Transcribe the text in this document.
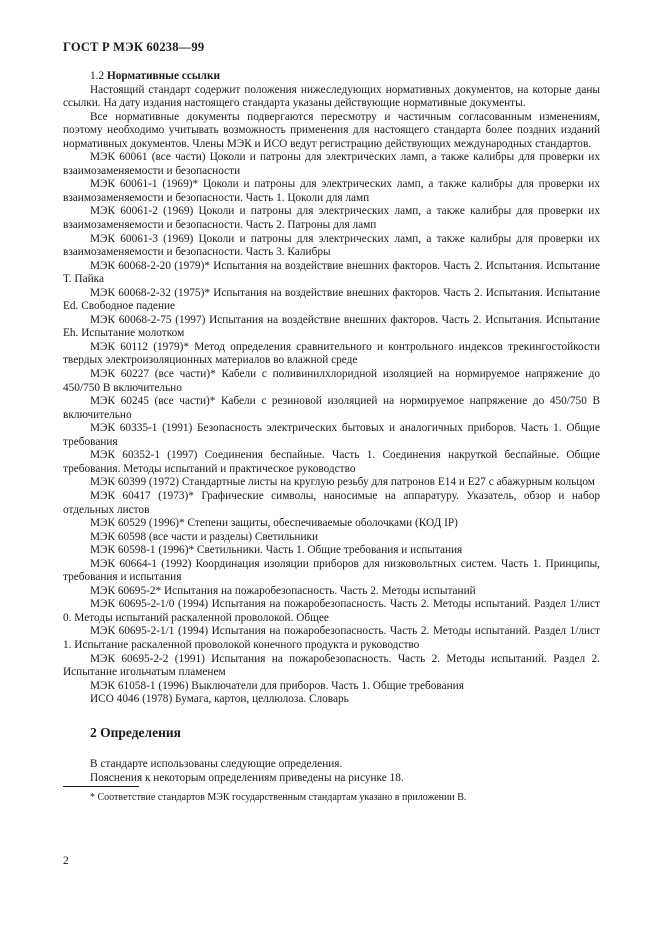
ГОСТ Р МЭК 60238—99

1.2 Нормативные ссылки

Настоящий стандарт содержит положения нижеследующих нормативных документов, на которые даны ссылки. На дату издания настоящего стандарта указаны действующие нормативные документы.

Все нормативные документы подвергаются пересмотру и частичным согласованным изменениям, поэтому необходимо учитывать возможность применения для настоящего стандарта более поздних изданий нормативных документов. Члены МЭК и ИСО ведут регистрацию действующих международных стандартов.

МЭК 60061 (все части) Цоколи и патроны для электрических ламп, а также калибры для проверки их взаимозаменяемости и безопасности

МЭК 60061-1 (1969)* Цоколи и патроны для электрических ламп, а также калибры для проверки их взаимозаменяемости и безопасности. Часть 1. Цоколи для ламп

МЭК 60061-2 (1969) Цоколи и патроны для электрических ламп, а также калибры для проверки их взаимозаменяемости и безопасности. Часть 2. Патроны для ламп

МЭК 60061-3 (1969) Цоколи и патроны для электрических ламп, а также калибры для проверки их взаимозаменяемости и безопасности. Часть 3. Калибры

МЭК 60068-2-20 (1979)* Испытания на воздействие внешних факторов. Часть 2. Испытания. Испытание Т. Пайка

МЭК 60068-2-32 (1975)* Испытания на воздействие внешних факторов. Часть 2. Испытания. Испытание Ed. Свободное падение

МЭК 60068-2-75 (1997) Испытания на воздействие внешних факторов. Часть 2. Испытания. Испытание Eh. Испытание молотком

МЭК 60112 (1979)* Метод определения сравнительного и контрольного индексов трекингостойкости твердых электроизоляционных материалов во влажной среде

МЭК 60227 (все части)* Кабели с поливинилхлоридной изоляцией на нормируемое напряжение до 450/750 В включительно

МЭК 60245 (все части)* Кабели с резиновой изоляцией на нормируемое напряжение до 450/750 В включительно

МЭК 60335-1 (1991) Безопасность электрических бытовых и аналогичных приборов. Часть 1. Общие требования

МЭК 60352-1 (1997) Соединения беспайные. Часть 1. Соединения накруткой беспайные. Общие требования. Методы испытаний и практическое руководство

МЭК 60399 (1972) Стандартные листы на круглую резьбу для патронов Е14 и Е27 с абажурным кольцом

МЭК 60417 (1973)* Графические символы, наносимые на аппаратуру. Указатель, обзор и набор отдельных листов

МЭК 60529 (1996)* Степени защиты, обеспечиваемые оболочками (КОД IP)

МЭК 60598 (все части и разделы) Светильники

МЭК 60598-1 (1996)* Светильники. Часть 1. Общие требования и испытания

МЭК 60664-1 (1992) Координация изоляции приборов для низковольтных систем. Часть 1. Принципы, требования и испытания

МЭК 60695-2* Испытания на пожаробезопасность. Часть 2. Методы испытаний

МЭК 60695-2-1/0 (1994) Испытания на пожаробезопасность. Часть 2. Методы испытаний. Раздел 1/лист 0. Методы испытаний раскаленной проволокой. Общее

МЭК 60695-2-1/1 (1994) Испытания на пожаробезопасность. Часть 2. Методы испытаний. Раздел 1/лист 1. Испытание раскаленной проволокой конечного продукта и руководство

МЭК 60695-2-2 (1991) Испытания на пожаробезопасность. Часть 2. Методы испытаний. Раздел 2. Испытание игольчатым пламенем

МЭК 61058-1 (1996) Выключатели для приборов. Часть 1. Общие требования

ИСО 4046 (1978) Бумага, картон, целлюлоза. Словарь

2 Определения

В стандарте использованы следующие определения.

Пояснения к некоторым определениям приведены на рисунке 18.

* Соответствие стандартов МЭК государственным стандартам указано в приложении В.

2
